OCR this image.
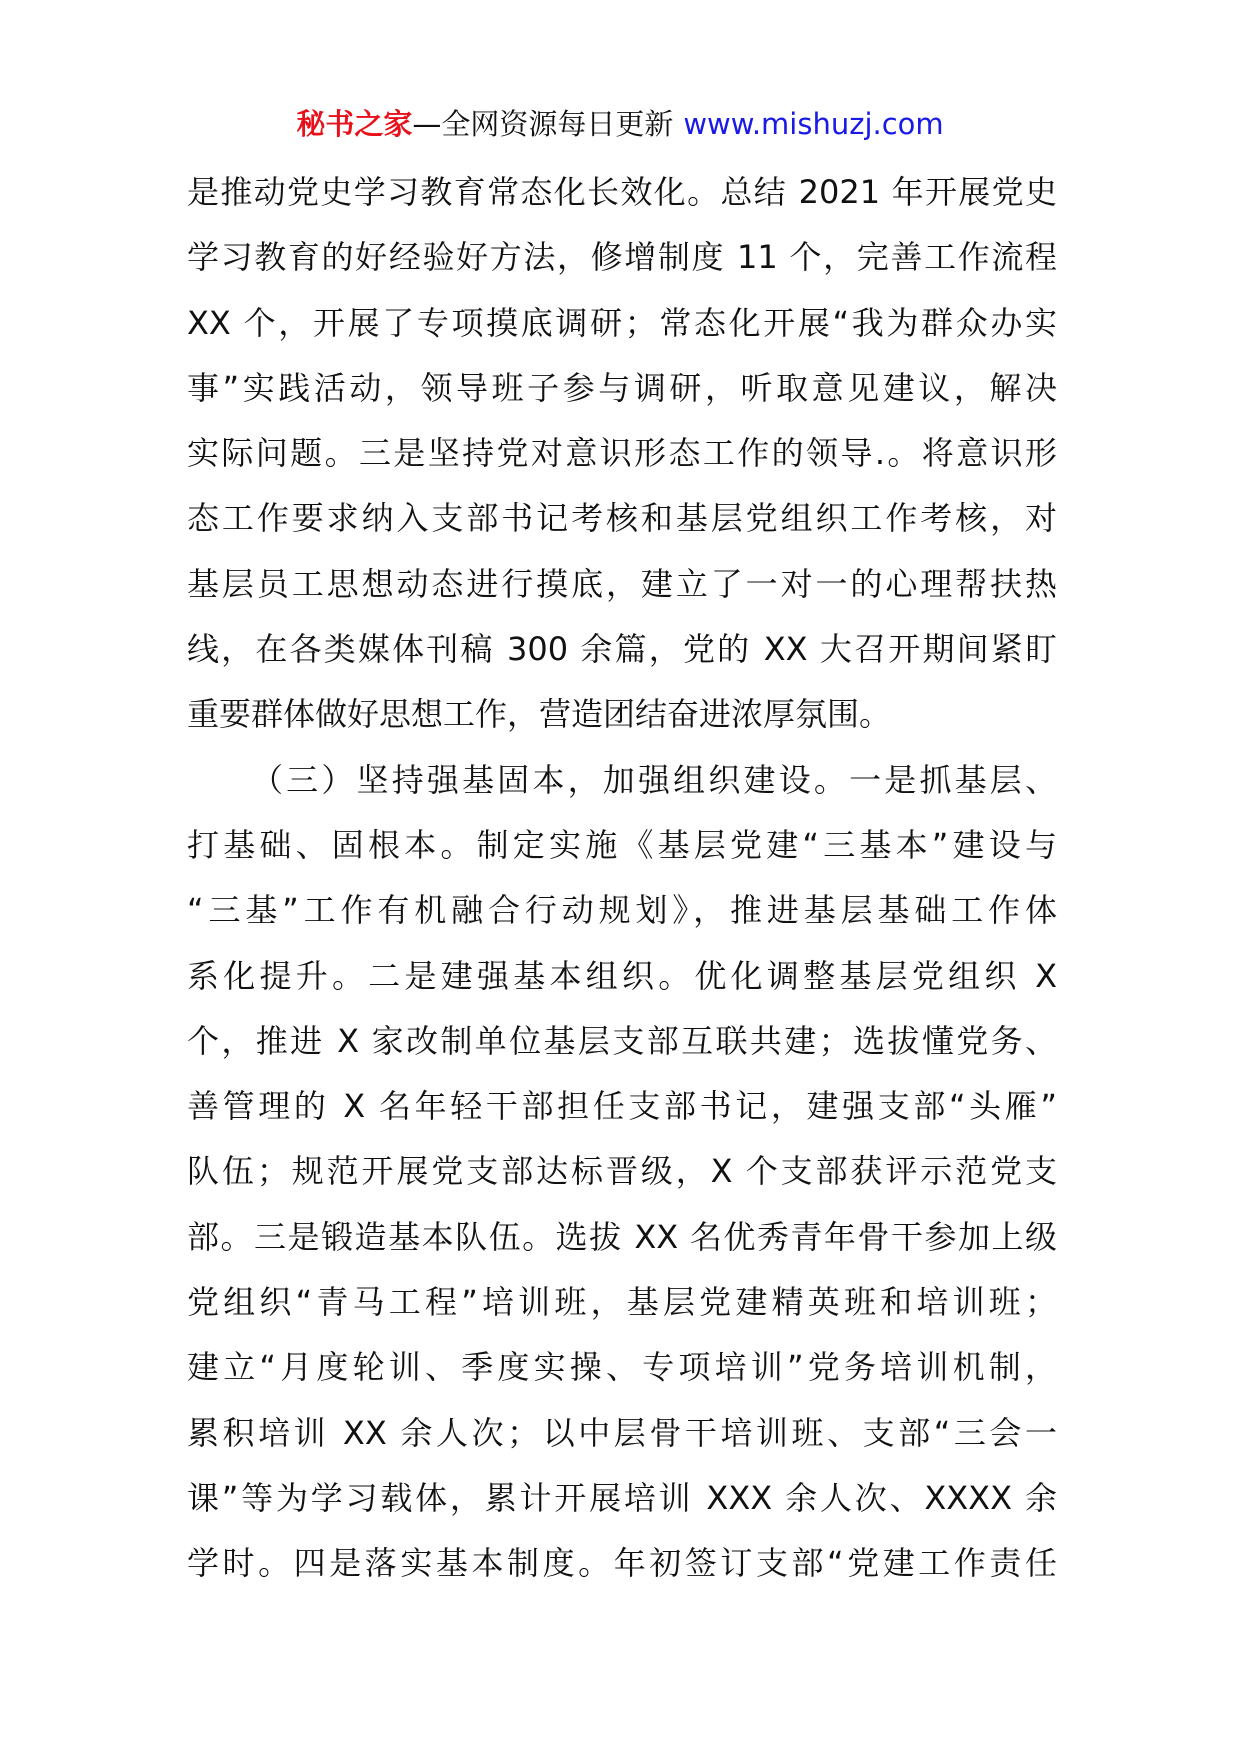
秘书之家—全网资源每日更新 www.mishuzj.com
是推动党史学习教育常态化长效化。总结 2021 年开展党史
学习教育的好经验好方法，修增制度 11 个，完善工作流程
XX 个，开展了专项摸底调研；常态化开展“我为群众办实
事”实践活动，领导班子参与调研，听取意见建议，解决
实际问题。三是坚持党对意识形态工作的领导.。将意识形
态工作要求纳入支部书记考核和基层党组织工作考核，对
基层员工思想动态进行摸底，建立了一对一的心理帮扶热
线，在各类媒体刊稿 300 余篇，党的 XX 大召开期间紧盯
重要群体做好思想工作，营造团结奋进浓厚氛围。
（三）坚持强基固本，加强组织建设。一是抓基层、
打基础、固根本。制定实施《基层党建“三基本”建设与
“三基”工作有机融合行动规划》，推进基层基础工作体
系化提升。二是建强基本组织。优化调整基层党组织 X
个，推进 X 家改制单位基层支部互联共建；选拔懂党务、
善管理的 X 名年轻干部担任支部书记，建强支部“头雁”
队伍；规范开展党支部达标晋级，X 个支部获评示范党支
部。三是锻造基本队伍。选拔 XX 名优秀青年骨干参加上级
党组织“青马工程”培训班，基层党建精英班和培训班；
建立“月度轮训、季度实操、专项培训”党务培训机制，
累积培训 XX 余人次；以中层骨干培训班、支部“三会一
课”等为学习载体，累计开展培训 XXX 余人次、XXXX 余
学时。四是落实基本制度。年初签订支部“党建工作责任
